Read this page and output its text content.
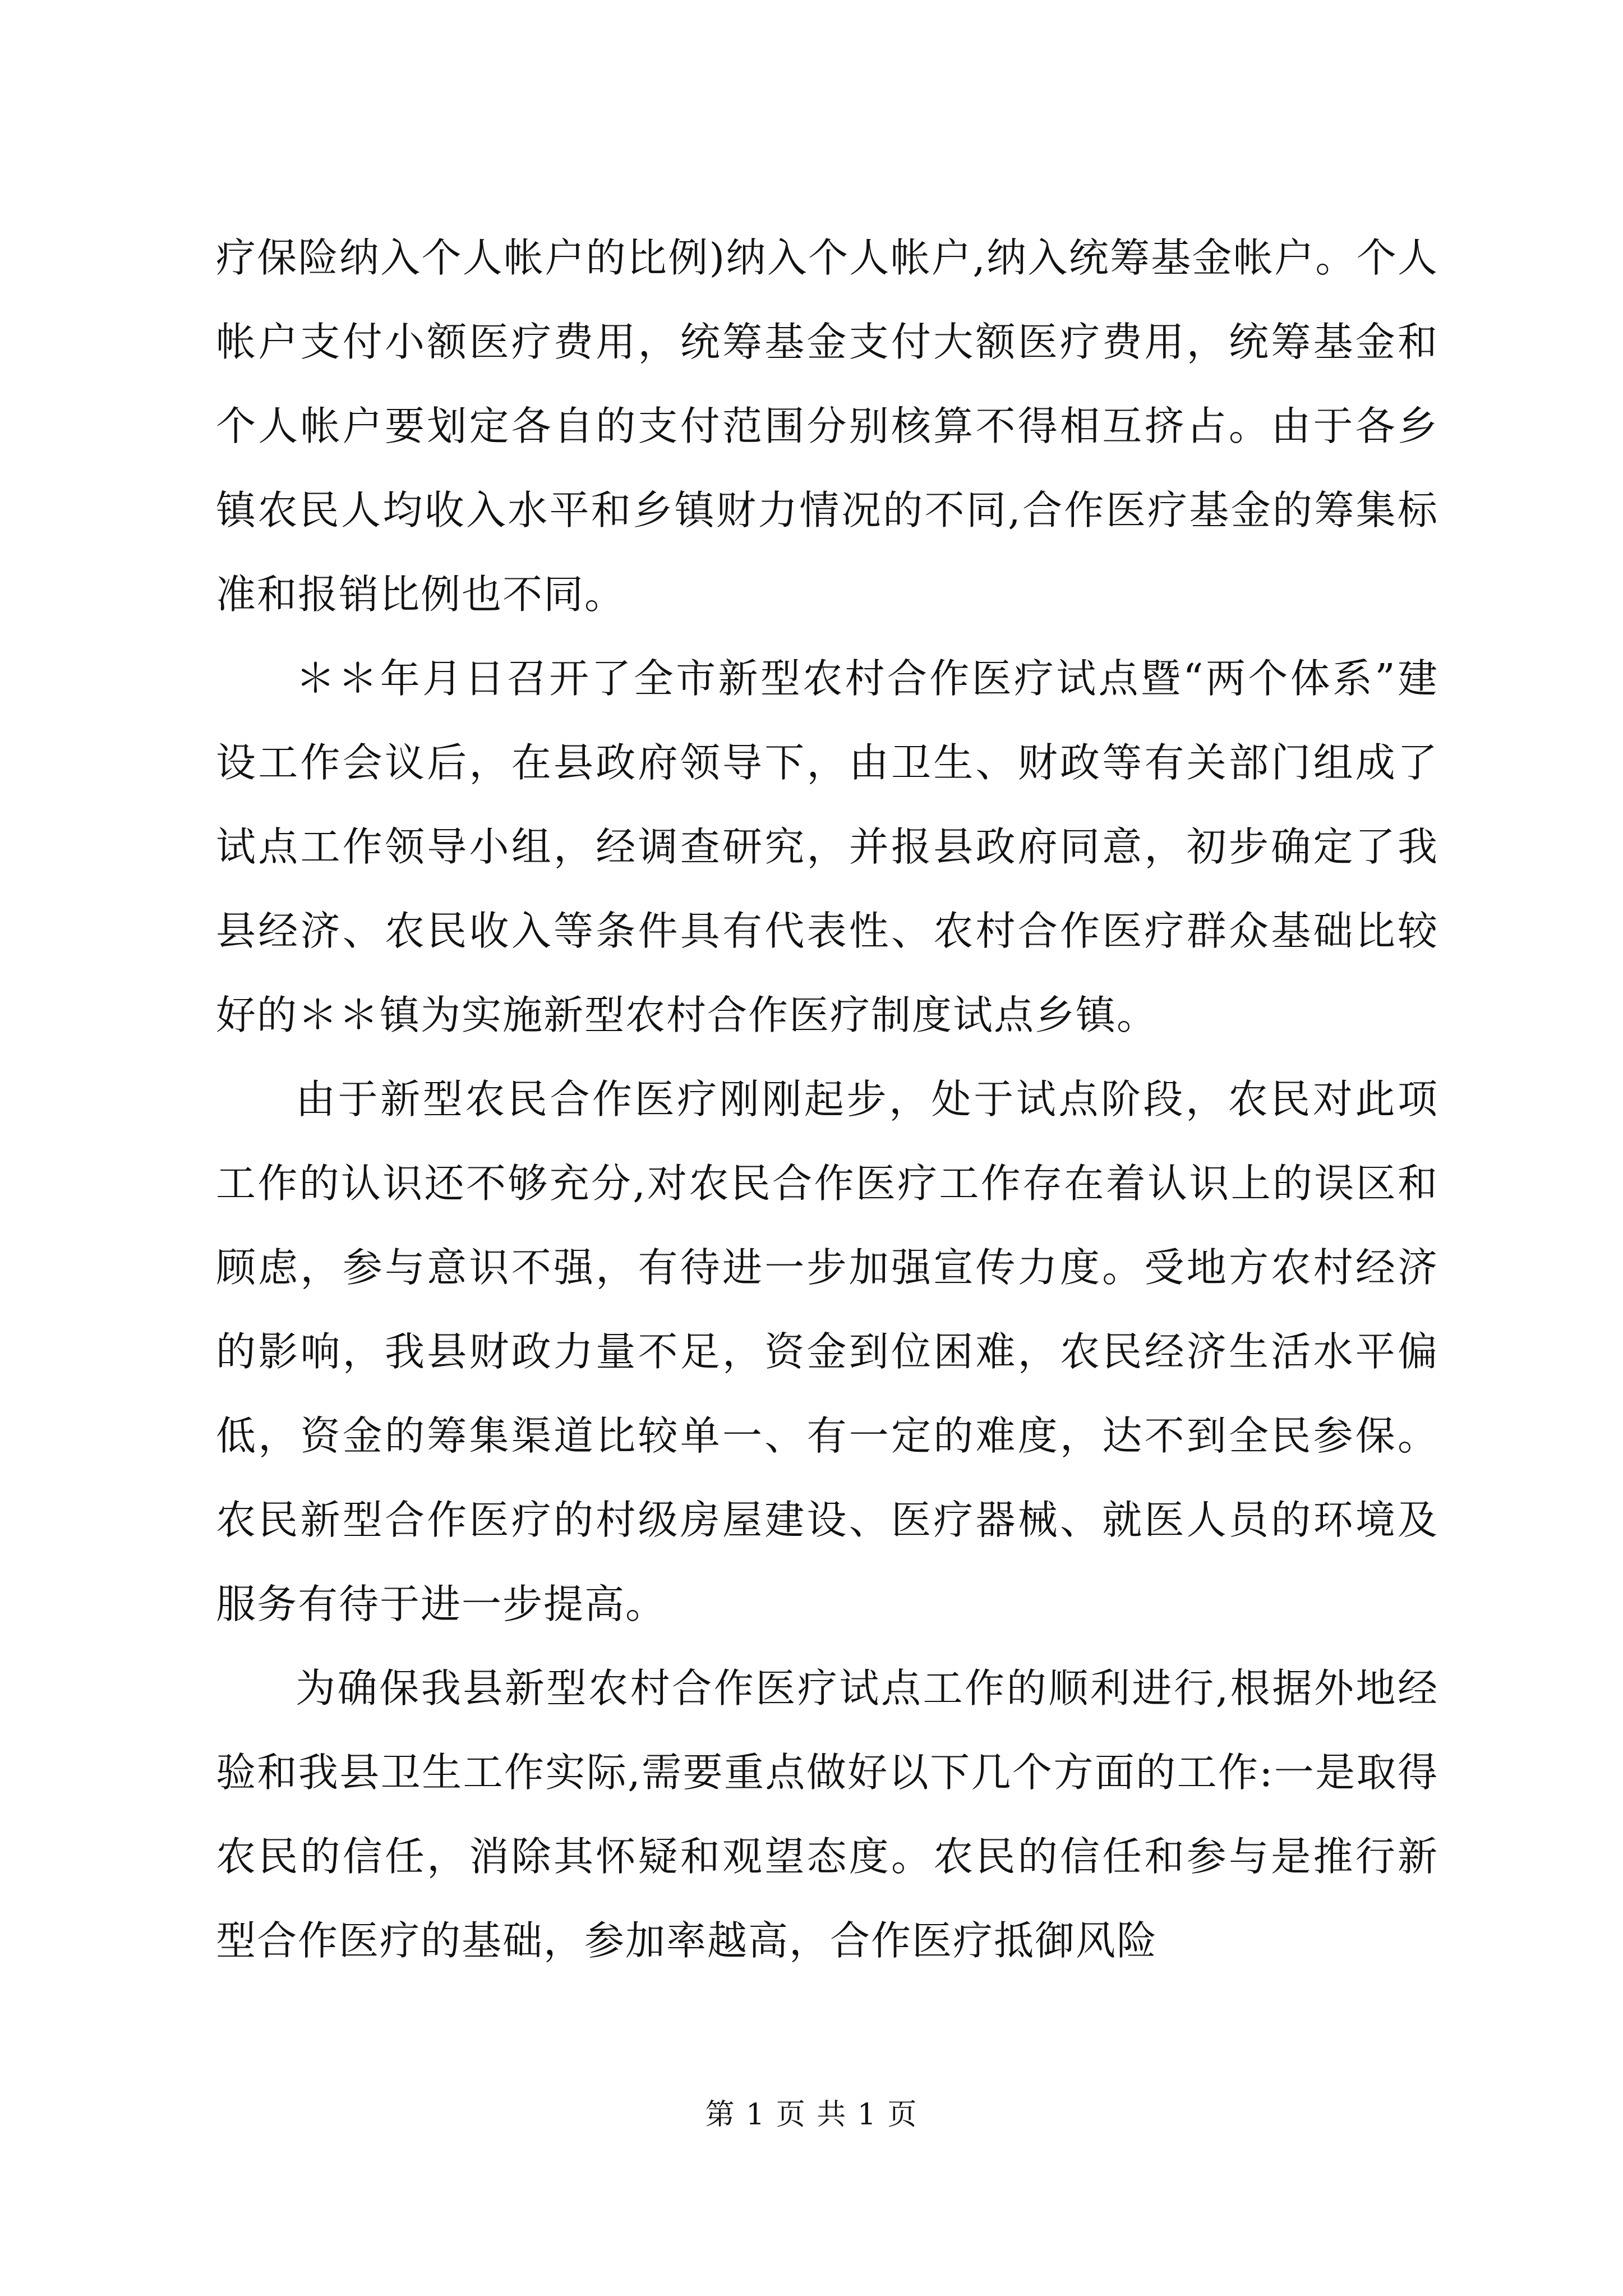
疗保险纳入个人帐户的比例)纳入个人帐户,纳入统筹基金帐户。个人帐户支付小额医疗费用，统筹基金支付大额医疗费用，统筹基金和个人帐户要划定各自的支付范围分别核算不得相互挤占。由于各乡镇农民人均收入水平和乡镇财力情况的不同,合作医疗基金的筹集标准和报销比例也不同。

＊＊年月日召开了全市新型农村合作医疗试点暨“两个体系”建设工作会议后，在县政府领导下，由卫生、财政等有关部门组成了试点工作领导小组，经调查研究，并报县政府同意，初步确定了我县经济、农民收入等条件具有代表性、农村合作医疗群众基础比较好的＊＊镇为实施新型农村合作医疗制度试点乡镇。

由于新型农民合作医疗刚刚起步，处于试点阶段，农民对此项工作的认识还不够充分,对农民合作医疗工作存在着认识上的误区和顾虑，参与意识不强，有待进一步加强宣传力度。受地方农村经济的影响，我县财政力量不足，资金到位困难，农民经济生活水平偏低，资金的筹集渠道比较单一、有一定的难度，达不到全民参保。农民新型合作医疗的村级房屋建设、医疗器械、就医人员的环境及服务有待于进一步提高。

为确保我县新型农村合作医疗试点工作的顺利进行,根据外地经验和我县卫生工作实际,需要重点做好以下几个方面的工作:一是取得农民的信任，消除其怀疑和观望态度。农民的信任和参与是推行新型合作医疗的基础，参加率越高，合作医疗抵御风险

第 1 页 共 1 页
